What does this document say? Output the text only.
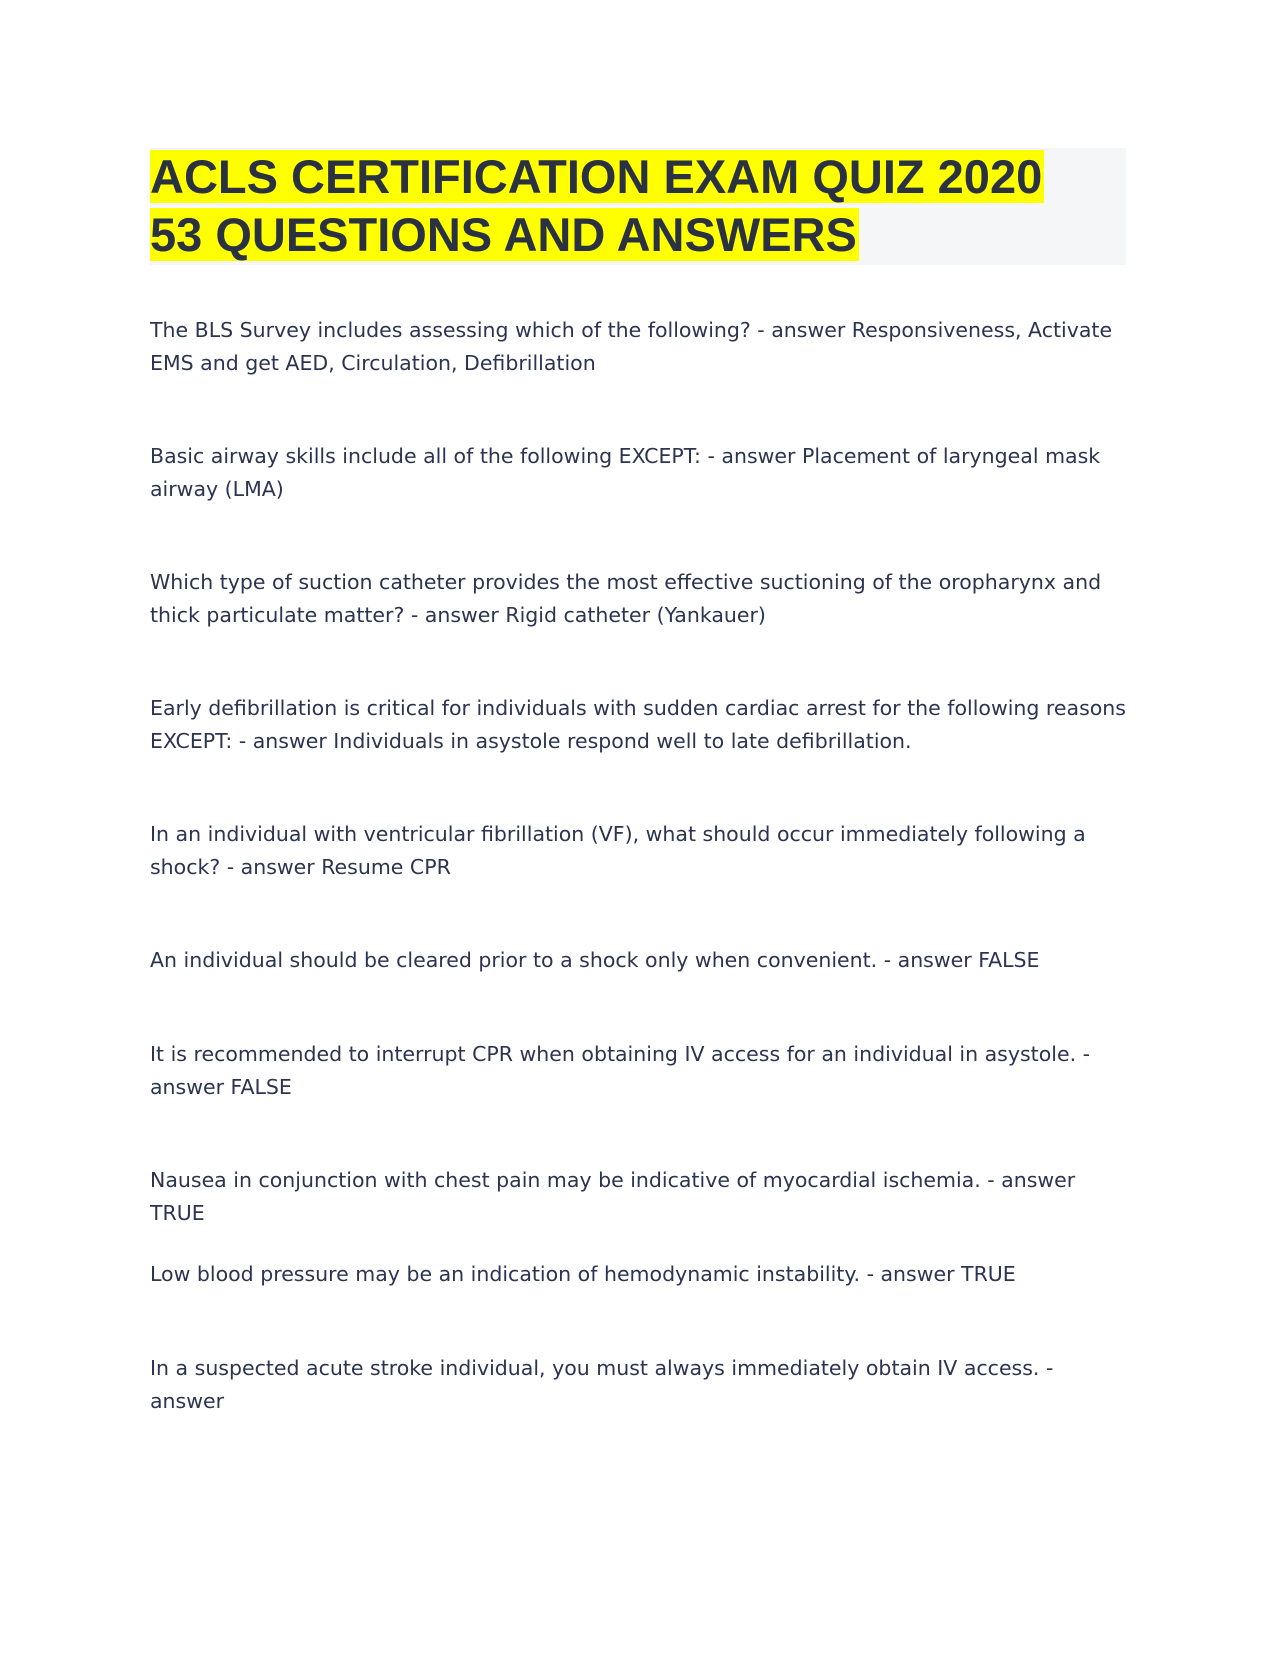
ACLS CERTIFICATION EXAM QUIZ 2020
53 QUESTIONS AND ANSWERS

The BLS Survey includes assessing which of the following? - answer Responsiveness, Activate EMS and get AED, Circulation, Defibrillation

Basic airway skills include all of the following EXCEPT: - answer Placement of laryngeal mask airway (LMA)

Which type of suction catheter provides the most effective suctioning of the oropharynx and thick particulate matter? - answer Rigid catheter (Yankauer)

Early defibrillation is critical for individuals with sudden cardiac arrest for the following reasons EXCEPT: - answer Individuals in asystole respond well to late defibrillation.

In an individual with ventricular fibrillation (VF), what should occur immediately following a shock? - answer Resume CPR

An individual should be cleared prior to a shock only when convenient. - answer FALSE

It is recommended to interrupt CPR when obtaining IV access for an individual in asystole. - answer FALSE

Nausea in conjunction with chest pain may be indicative of myocardial ischemia. - answer TRUE

Low blood pressure may be an indication of hemodynamic instability. - answer TRUE

In a suspected acute stroke individual, you must always immediately obtain IV access. - answer
